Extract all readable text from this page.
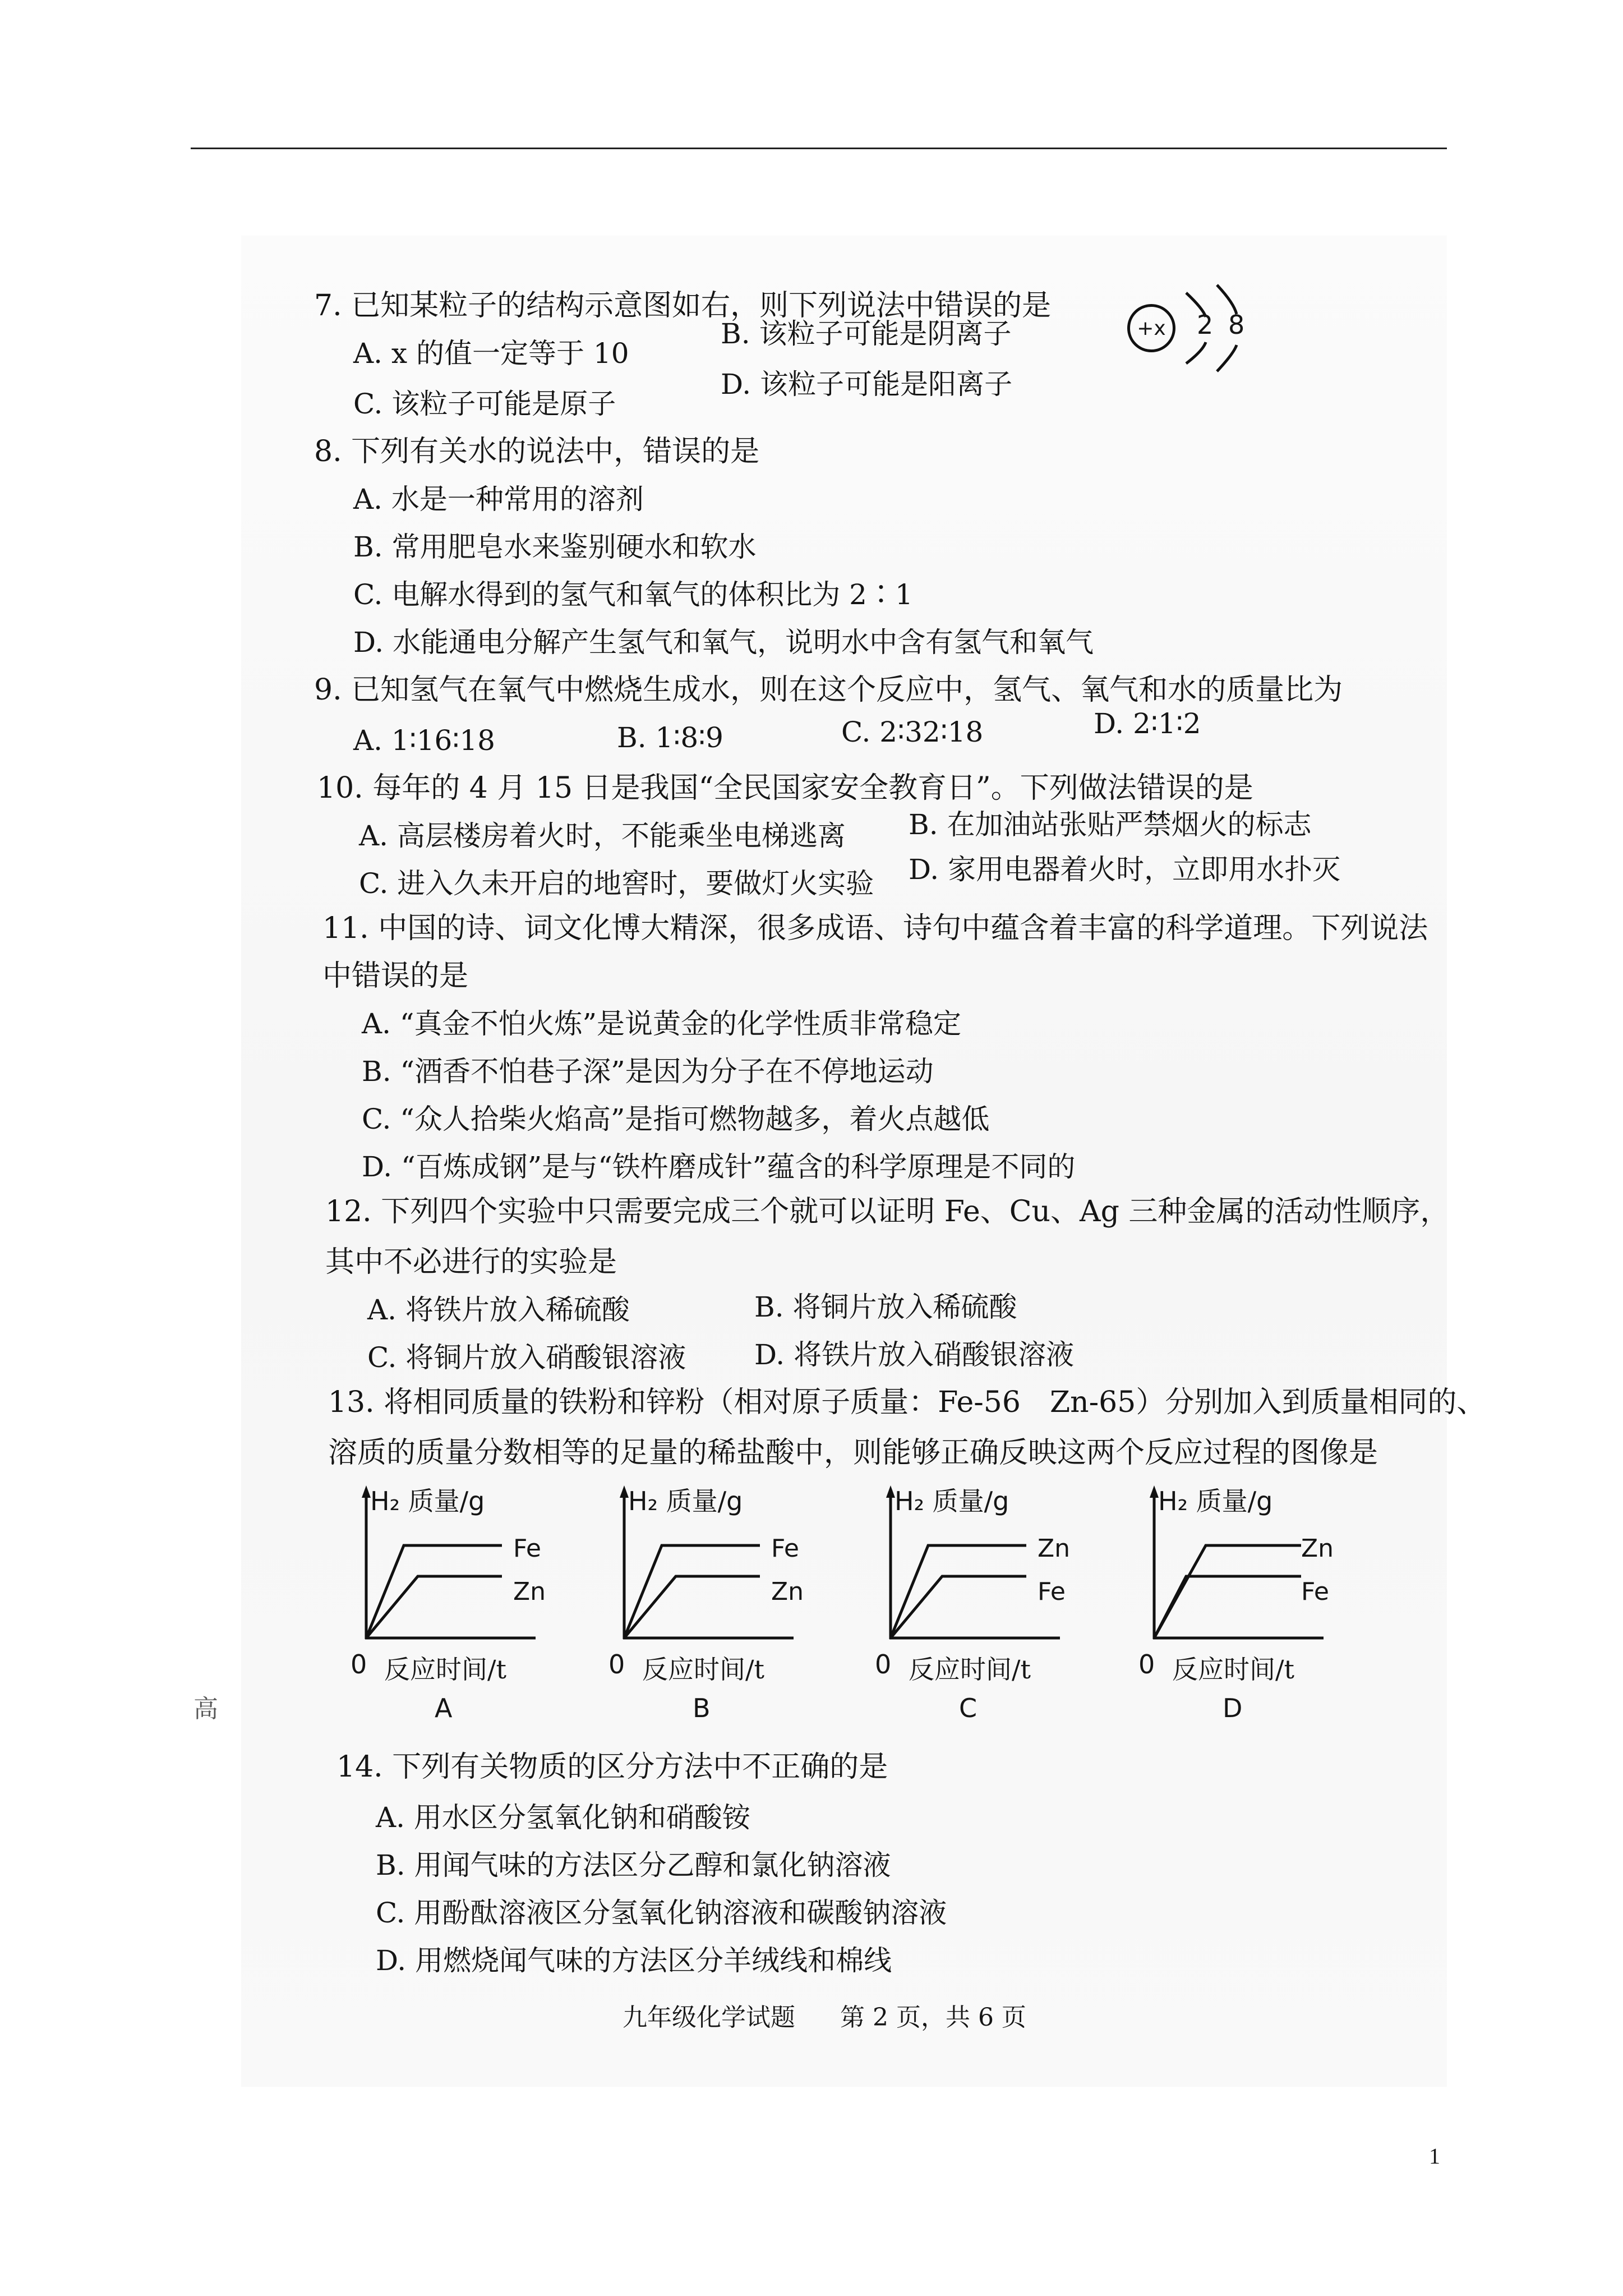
7. 已知某粒子的结构示意图如右，则下列说法中错误的是
A. x 的值一定等于 10
B. 该粒子可能是阴离子
C. 该粒子可能是原子
D. 该粒子可能是阳离子
+x	2 8
8. 下列有关水的说法中，错误的是
A. 水是一种常用的溶剂
B. 常用肥皂水来鉴别硬水和软水
C. 电解水得到的氢气和氧气的体积比为 2∶1
D. 水能通电分解产生氢气和氧气，说明水中含有氢气和氧气
9. 已知氢气在氧气中燃烧生成水，则在这个反应中，氢气、氧气和水的质量比为
A. 1∶16∶18	B. 1∶8∶9	C. 2∶32∶18	D. 2∶1∶2
10. 每年的 4 月 15 日是我国“全民国家安全教育日”。下列做法错误的是
A. 高层楼房着火时，不能乘坐电梯逃离 B. 在加油站张贴严禁烟火的标志
C. 进入久未开启的地窖时，要做灯火实验 D. 家用电器着火时，立即用水扑灭
11. 中国的诗、词文化博大精深，很多成语、诗句中蕴含着丰富的科学道理。下列说法
中错误的是
A. “真金不怕火炼”是说黄金的化学性质非常稳定
B. “酒香不怕巷子深”是因为分子在不停地运动
C. “众人拾柴火焰高”是指可燃物越多，着火点越低
D. “百炼成钢”是与“铁杵磨成针”蕴含的科学原理是不同的
12. 下列四个实验中只需要完成三个就可以证明 Fe、Cu、Ag 三种金属的活动性顺序，
其中不必进行的实验是
A. 将铁片放入稀硫酸	B. 将铜片放入稀硫酸
C. 将铜片放入硝酸银溶液 D. 将铁片放入硝酸银溶液
13. 将相同质量的铁粉和锌粉（相对原子质量：Fe-56　Zn-65）分别加入到质量相同的、
溶质的质量分数相等的足量的稀盐酸中，则能够正确反映这两个反应过程的图像是
H₂ 质量/g
Fe
Zn
0 反应时间/t
A
H₂ 质量/g
Fe
Zn
0 反应时间/t
B
H₂ 质量/g
Zn
Fe
0 反应时间/t
C
H₂ 质量/g
Zn
Fe
0 反应时间/t
D
14. 下列有关物质的区分方法中不正确的是
A. 用水区分氢氧化钠和硝酸铵
B. 用闻气味的方法区分乙醇和氯化钠溶液
C. 用酚酞溶液区分氢氧化钠溶液和碳酸钠溶液
D. 用燃烧闻气味的方法区分羊绒线和棉线
九年级化学试题 第 2 页，共 6 页
高
1
